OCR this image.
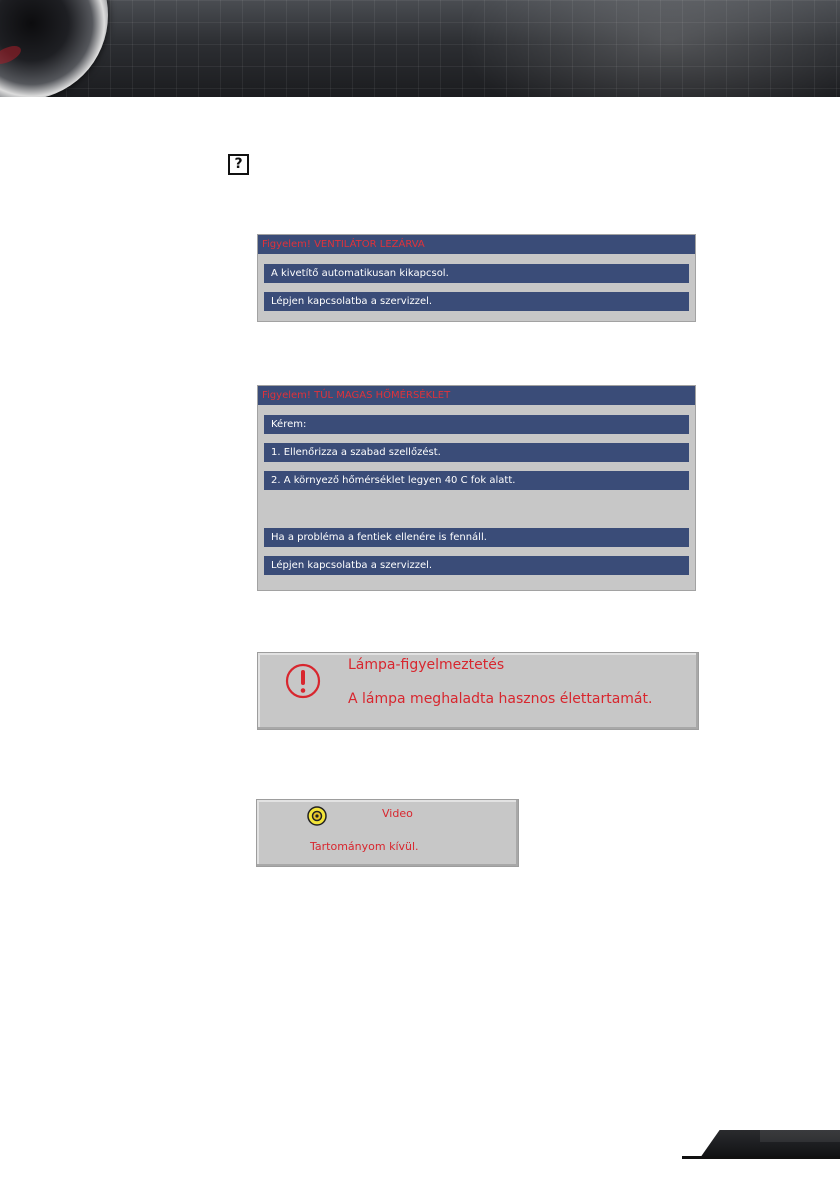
?
Figyelem! VENTILÁTOR LEZÁRVA
A kivetítő automatikusan kikapcsol.
Lépjen kapcsolatba a szervizzel.
Figyelem! TÚL MAGAS HŐMÉRSÉKLET
Kérem:
1. Ellenőrizza a szabad szellőzést.
2. A környező hőmérséklet legyen 40 C fok alatt.
Ha a probléma a fentiek ellenére is fennáll.
Lépjen kapcsolatba a szervizzel.
Lámpa-figyelmeztetés
A lámpa meghaladta hasznos élettartamát.
Video
Tartományom kívül.
